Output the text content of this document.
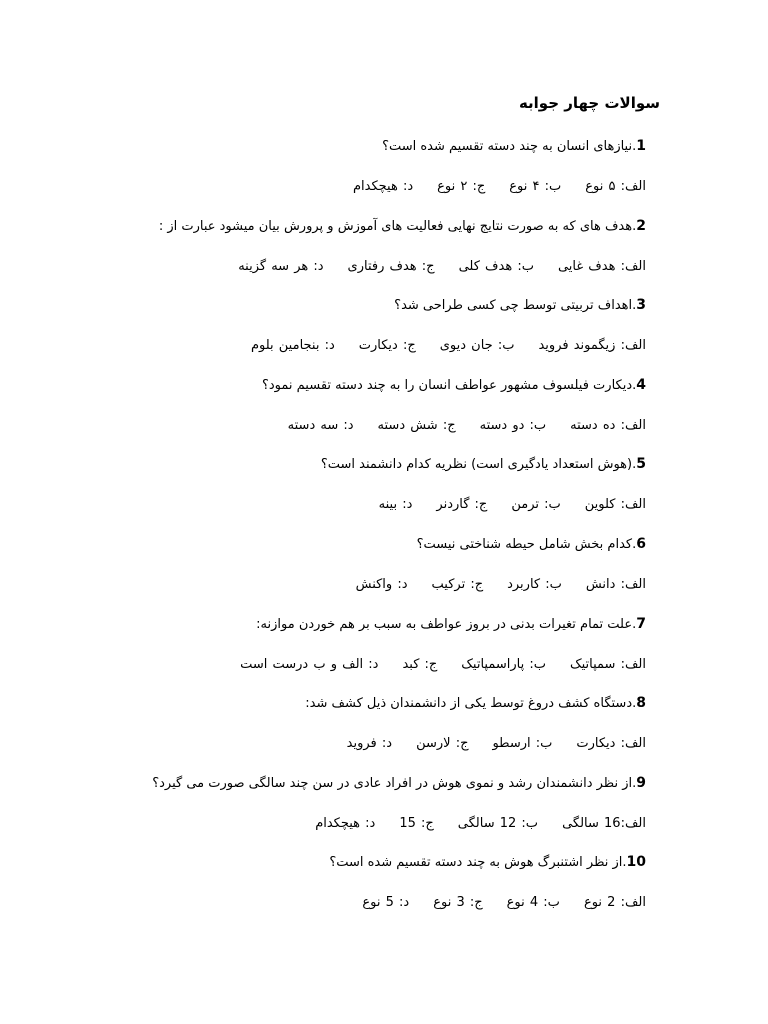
سوالات چهار جوابه

1.نیازهای انسان به چند دسته تقسیم شده است؟

الف: ۵ نوعب: ۴ نوعج: ۲ نوعد: هیچکدام

2.هدف های که به صورت نتایج نهایی فعالیت های آموزش و پرورش بیان میشود عبارت از :

الف: هدف غاییب: هدف کلیج: هدف رفتارید: هر سه گزینه

3.اهداف تربیتی توسط چی کسی طراحی شد؟

الف: زیگموند فرویدب: جان دیویج: دیکارتد: بنجامین بلوم

4.دیکارت فیلسوف مشهور عواطف انسان را به چند دسته تقسیم نمود؟

الف: ده دستهب: دو دستهج: شش دستهد: سه دسته

5.(هوش استعداد یادگیری است) نظریه کدام دانشمند است؟

الف: کلوینب: ترمنج: گاردنرد: بینه

6.کدام بخش شامل حیطه شناختی نیست؟

الف: دانشب: کاربردج: ترکیبد: واکنش

7.علت تمام تغیرات بدنی در بروز عواطف به سبب بر هم خوردن موازنه:

الف: سمپاتیکب: پاراسمپاتیکج: کبدد: الف و ب درست است

8.دستگاه کشف دروغ توسط یکی از دانشمندان ذیل کشف شد:

الف: دیکارتب: ارسطوج: لارسند: فروید

9.از نظر دانشمندان رشد و نموی هوش در افراد عادی در سن چند سالگی صورت می گیرد؟

الف:16 سالگیب: 12 سالگیج: 15د: هیچکدام

10.از نظر اشتنبرگ هوش به چند دسته تقسیم شده است؟

الف: 2 نوعب: 4 نوعج: 3 نوعد: 5 نوع
